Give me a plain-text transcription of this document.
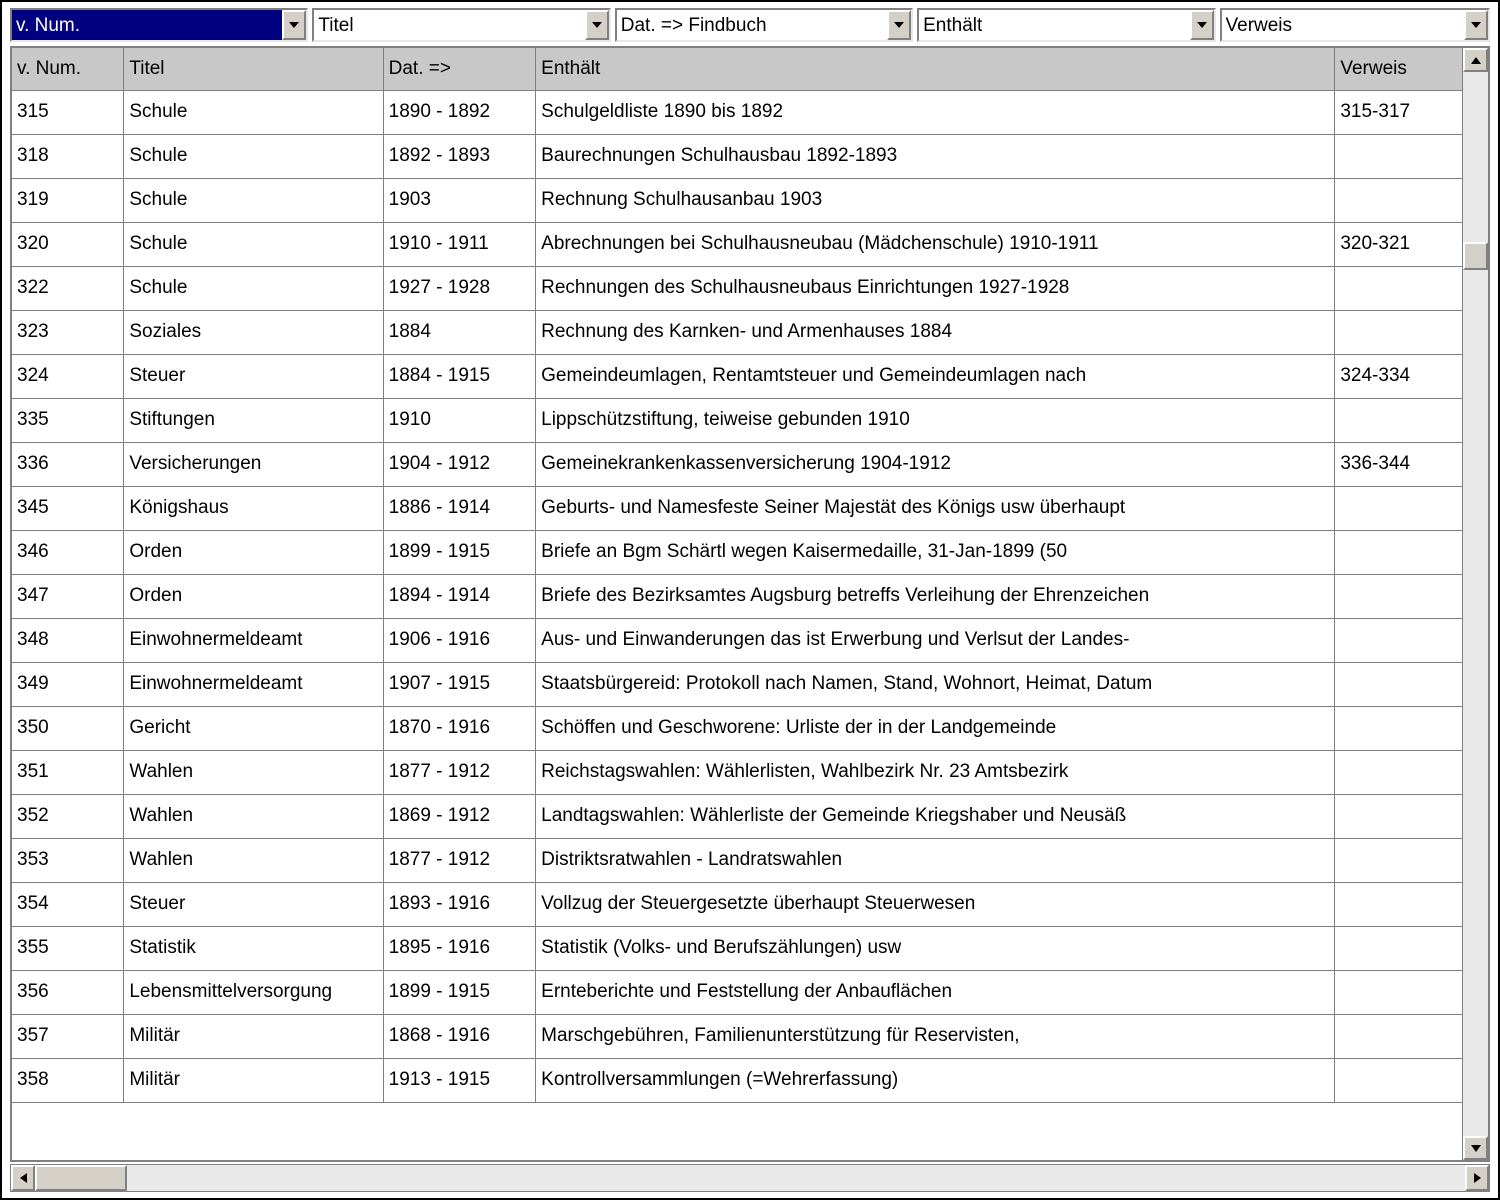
v. Num.	Titel	Dat. => Findbuch	Enthält	Verweis
v. Num.	Titel	Dat. =>	Enthält	Verweis
315	Schule	1890 - 1892	Schulgeldliste 1890 bis 1892	315-317
318	Schule	1892 - 1893	Baurechnungen Schulhausbau 1892-1893	
319	Schule	1903	Rechnung Schulhausanbau 1903	
320	Schule	1910 - 1911	Abrechnungen bei Schulhausneubau (Mädchenschule) 1910-1911	320-321
322	Schule	1927 - 1928	Rechnungen des Schulhausneubaus Einrichtungen 1927-1928	
323	Soziales	1884	Rechnung des Karnken- und Armenhauses 1884	
324	Steuer	1884 - 1915	Gemeindeumlagen, Rentamtsteuer und Gemeindeumlagen nach	324-334
335	Stiftungen	1910	Lippschützstiftung, teiweise gebunden 1910	
336	Versicherungen	1904 - 1912	Gemeinekrankenkassenversicherung 1904-1912	336-344
345	Königshaus	1886 - 1914	Geburts- und Namesfeste Seiner Majestät des Königs usw überhaupt	
346	Orden	1899 - 1915	Briefe an Bgm Schärtl wegen Kaisermedaille, 31-Jan-1899 (50	
347	Orden	1894 - 1914	Briefe des Bezirksamtes Augsburg betreffs Verleihung der Ehrenzeichen	
348	Einwohnermeldeamt	1906 - 1916	Aus- und Einwanderungen das ist Erwerbung und Verlsut der Landes-	
349	Einwohnermeldeamt	1907 - 1915	Staatsbürgereid: Protokoll nach Namen, Stand, Wohnort, Heimat, Datum	
350	Gericht	1870 - 1916	Schöffen und Geschworene: Urliste der in der Landgemeinde	
351	Wahlen	1877 - 1912	Reichstagswahlen: Wählerlisten, Wahlbezirk Nr. 23 Amtsbezirk	
352	Wahlen	1869 - 1912	Landtagswahlen: Wählerliste der Gemeinde Kriegshaber und Neusäß	
353	Wahlen	1877 - 1912	Distriktsratwahlen - Landratswahlen	
354	Steuer	1893 - 1916	Vollzug der Steuergesetzte überhaupt Steuerwesen	
355	Statistik	1895 - 1916	Statistik (Volks- und Berufszählungen) usw	
356	Lebensmittelversorgung	1899 - 1915	Ernteberichte und Feststellung der Anbauflächen	
357	Militär	1868 - 1916	Marschgebühren, Familienunterstützung für Reservisten,	
358	Militär	1913 - 1915	Kontrollversammlungen (=Wehrerfassung)	
